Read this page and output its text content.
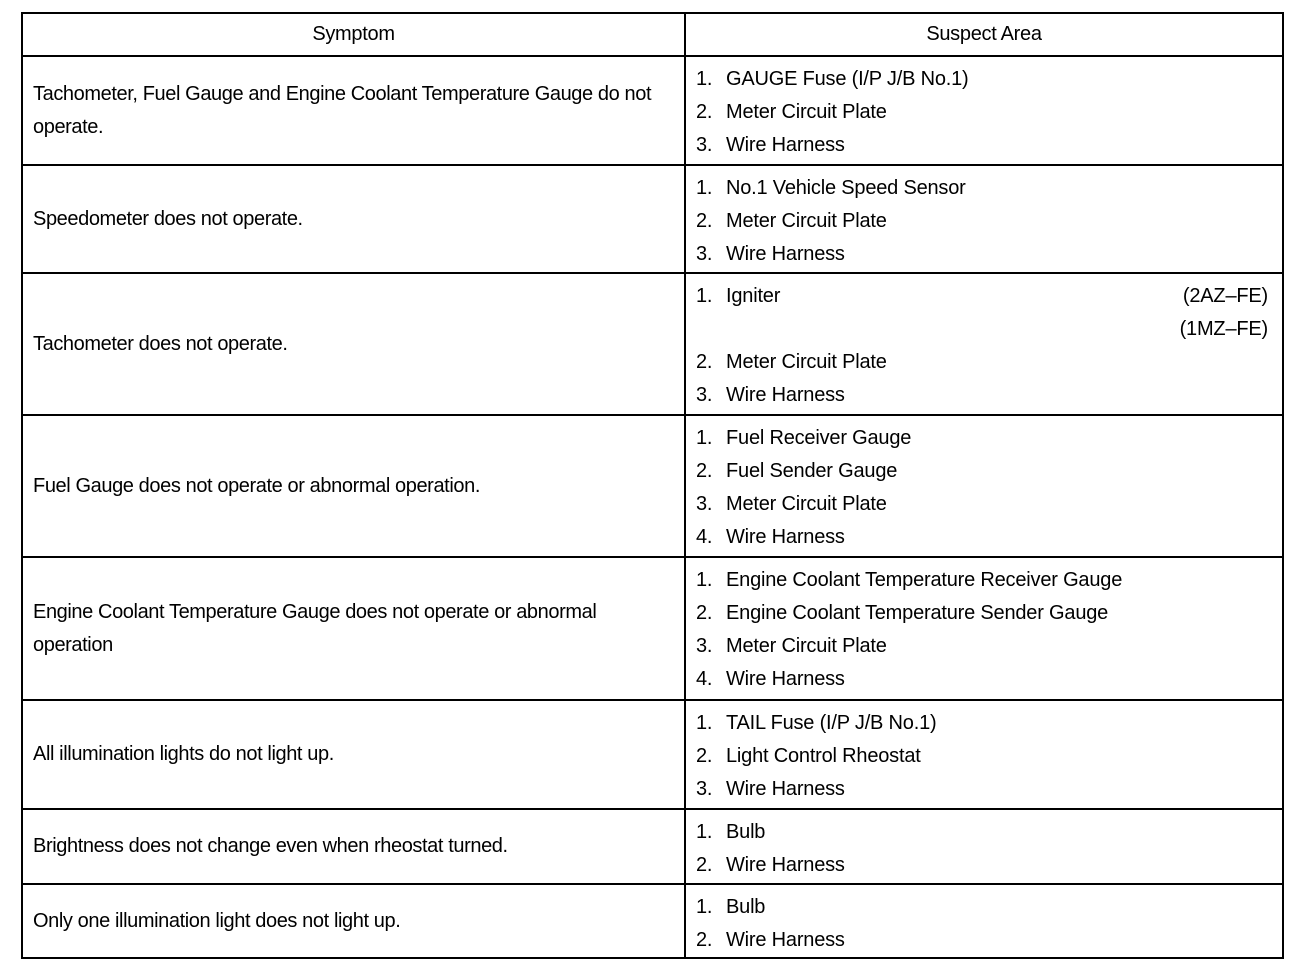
Symptom	Suspect Area
Tachometer, Fuel Gauge and Engine Coolant Temperature Gauge do not operate.
1. GAUGE Fuse (I/P J/B No.1)
2. Meter Circuit Plate
3. Wire Harness
Speedometer does not operate.
1. No.1 Vehicle Speed Sensor
2. Meter Circuit Plate
3. Wire Harness
Tachometer does not operate.
1. Igniter	(2AZ–FE)
(1MZ–FE)
2. Meter Circuit Plate
3. Wire Harness
Fuel Gauge does not operate or abnormal operation.
1. Fuel Receiver Gauge
2. Fuel Sender Gauge
3. Meter Circuit Plate
4. Wire Harness
Engine Coolant Temperature Gauge does not operate or abnormal operation
1. Engine Coolant Temperature Receiver Gauge
2. Engine Coolant Temperature Sender Gauge
3. Meter Circuit Plate
4. Wire Harness
All illumination lights do not light up.
1. TAIL Fuse (I/P J/B No.1)
2. Light Control Rheostat
3. Wire Harness
Brightness does not change even when rheostat turned.
1. Bulb
2. Wire Harness
Only one illumination light does not light up.
1. Bulb
2. Wire Harness
